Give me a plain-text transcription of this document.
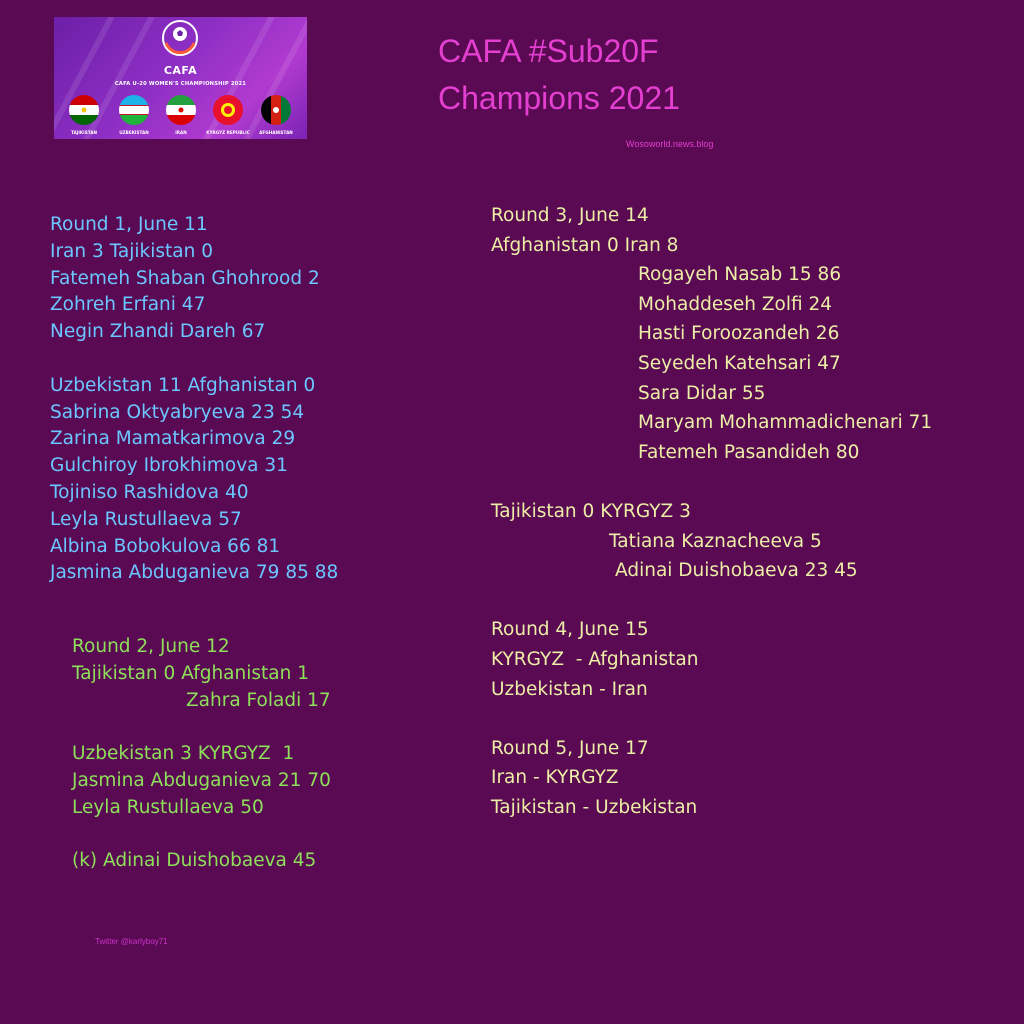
CAFA
CAFA U-20 WOMEN'S CHAMPIONSHIP 2021
TAJIKISTAN	UZBEKISTAN	IRAN	KYRGYZ REPUBLIC	AFGHANISTAN
CAFA #Sub20F
Champions 2021
Wosoworld.news.blog
Round 1, June 11
Iran 3 Tajikistan 0
Fatemeh Shaban Ghohrood 2
Zohreh Erfani 47
Negin Zhandi Dareh 67
Uzbekistan 11 Afghanistan 0
Sabrina Oktyabryeva 23 54
Zarina Mamatkarimova 29
Gulchiroy Ibrokhimova 31
Tojiniso Rashidova 40
Leyla Rustullaeva 57
Albina Bobokulova 66 81
Jasmina Abduganieva 79 85 88
Round 2, June 12
Tajikistan 0 Afghanistan 1
Zahra Foladi 17
Uzbekistan 3 KYRGYZ  1
Jasmina Abduganieva 21 70
Leyla Rustullaeva 50
(k) Adinai Duishobaeva 45
Round 3, June 14
Afghanistan 0 Iran 8
Rogayeh Nasab 15 86
Mohaddeseh Zolfi 24
Hasti Foroozandeh 26
Seyedeh Katehsari 47
Sara Didar 55
Maryam Mohammadichenari 71
Fatemeh Pasandideh 80
Tajikistan 0 KYRGYZ 3
Tatiana Kaznacheeva 5
Adinai Duishobaeva 23 45
Round 4, June 15
KYRGYZ  - Afghanistan
Uzbekistan - Iran
Round 5, June 17
Iran - KYRGYZ
Tajikistan - Uzbekistan
Twitter @karlyboy71
